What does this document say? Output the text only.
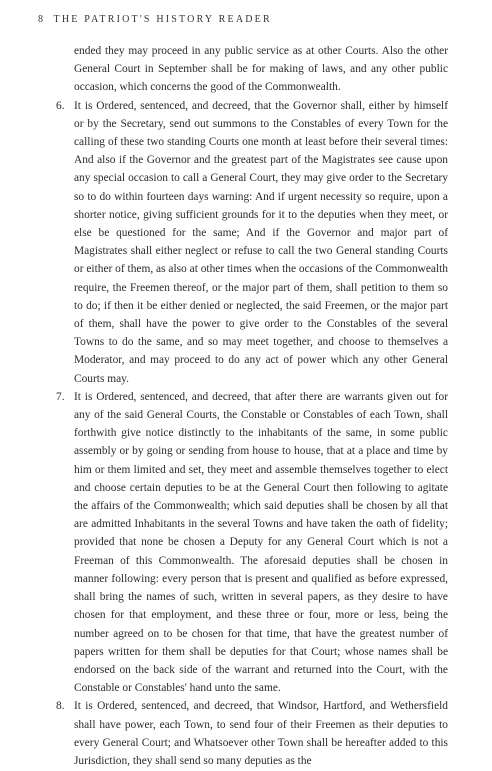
8 THE PATRIOT'S HISTORY READER

ended they may proceed in any public service as at other Courts. Also the other General Court in September shall be for making of laws, and any other public occasion, which concerns the good of the Commonwealth.

6. It is Ordered, sentenced, and decreed, that the Governor shall, either by himself or by the Secretary, send out summons to the Constables of every Town for the calling of these two standing Courts one month at least before their several times: And also if the Governor and the greatest part of the Magistrates see cause upon any special occasion to call a General Court, they may give order to the Secretary so to do within fourteen days warning: And if urgent necessity so require, upon a shorter notice, giving sufficient grounds for it to the deputies when they meet, or else be questioned for the same; And if the Governor and major part of Magistrates shall either neglect or refuse to call the two General standing Courts or either of them, as also at other times when the occasions of the Commonwealth require, the Freemen thereof, or the major part of them, shall petition to them so to do; if then it be either denied or neglected, the said Freemen, or the major part of them, shall have the power to give order to the Constables of the several Towns to do the same, and so may meet together, and choose to themselves a Moderator, and may proceed to do any act of power which any other General Courts may.

7. It is Ordered, sentenced, and decreed, that after there are warrants given out for any of the said General Courts, the Constable or Constables of each Town, shall forthwith give notice distinctly to the inhabitants of the same, in some public assembly or by going or sending from house to house, that at a place and time by him or them limited and set, they meet and assemble themselves together to elect and choose certain deputies to be at the General Court then following to agitate the affairs of the Commonwealth; which said deputies shall be chosen by all that are admitted Inhabitants in the several Towns and have taken the oath of fidelity; provided that none be chosen a Deputy for any General Court which is not a Freeman of this Commonwealth. The aforesaid deputies shall be chosen in manner following: every person that is present and qualified as before expressed, shall bring the names of such, written in several papers, as they desire to have chosen for that employment, and these three or four, more or less, being the number agreed on to be chosen for that time, that have the greatest number of papers written for them shall be deputies for that Court; whose names shall be endorsed on the back side of the warrant and returned into the Court, with the Constable or Constables' hand unto the same.

8. It is Ordered, sentenced, and decreed, that Windsor, Hartford, and Wethersfield shall have power, each Town, to send four of their Freemen as their deputies to every General Court; and Whatsoever other Town shall be hereafter added to this Jurisdiction, they shall send so many deputies as the
